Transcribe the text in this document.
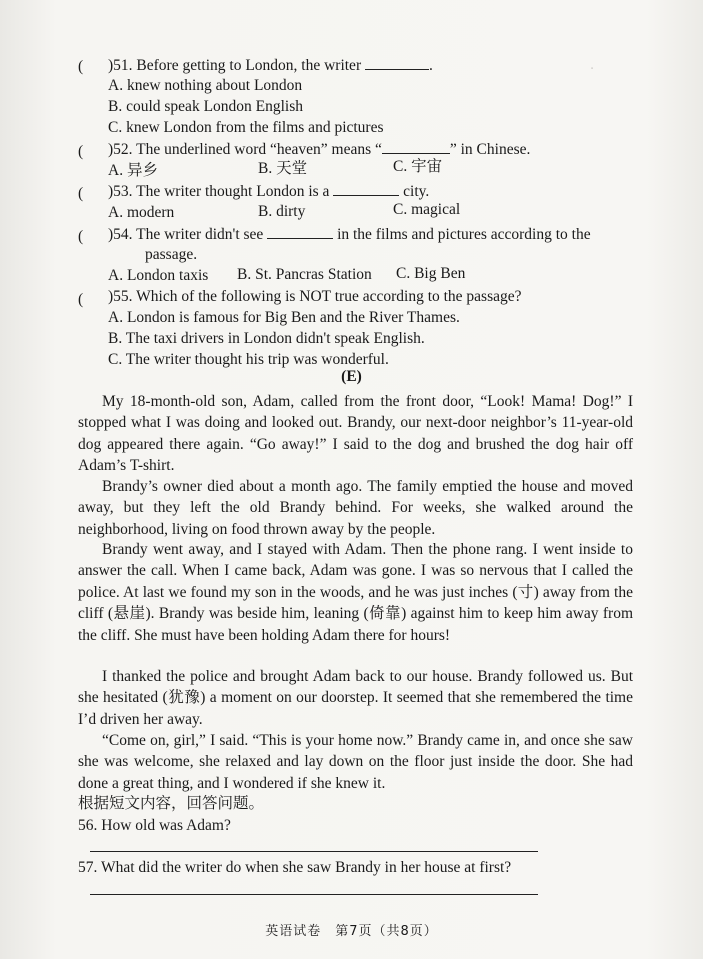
·
( )51. Before getting to London, the writer	.
A. knew nothing about London
B. could speak London English
C. knew London from the films and pictures
( )52. The underlined word “heaven” means “	” in Chinese.
A. 异乡	B. 天堂	C. 宇宙
( )53. The writer thought London is a	city.
A. modern	B. dirty	C. magical
( )54. The writer didn't see	in the films and pictures according to the
passage.
A. London taxis B. St. Pancras Station C. Big Ben
( )55. Which of the following is NOT true according to the passage?
A. London is famous for Big Ben and the River Thames.
B. The taxi drivers in London didn't speak English.
C. The writer thought his trip was wonderful.
(E)
My 18-month-old son, Adam, called from the front door, “Look! Mama! Dog!” I stopped what I was doing and looked out. Brandy, our next-door neighbor’s 11-year-old dog appeared there again. “Go away!” I said to the dog and brushed the dog hair off Adam’s T-shirt.
Brandy’s owner died about a month ago. The family emptied the house and moved away, but they left the old Brandy behind. For weeks, she walked around the neighborhood, living on food thrown away by the people.
Brandy went away, and I stayed with Adam. Then the phone rang. I went inside to answer the call. When I came back, Adam was gone. I was so nervous that I called the police. At last we found my son in the woods, and he was just inches (寸) away from the cliff (悬崖). Brandy was beside him, leaning (倚靠) against him to keep him away from the cliff. She must have been holding Adam there for hours!
I thanked the police and brought Adam back to our house. Brandy followed us. But she hesitated (犹豫) a moment on our doorstep. It seemed that she remembered the time I’d driven her away.
“Come on, girl,” I said. “This is your home now.” Brandy came in, and once she saw she was welcome, she relaxed and lay down on the floor just inside the door. She had done a great thing, and I wondered if she knew it.
根据短文内容，回答问题。
56. How old was Adam?
57. What did the writer do when she saw Brandy in her house at first?
英语试卷　第7页（共8页）
